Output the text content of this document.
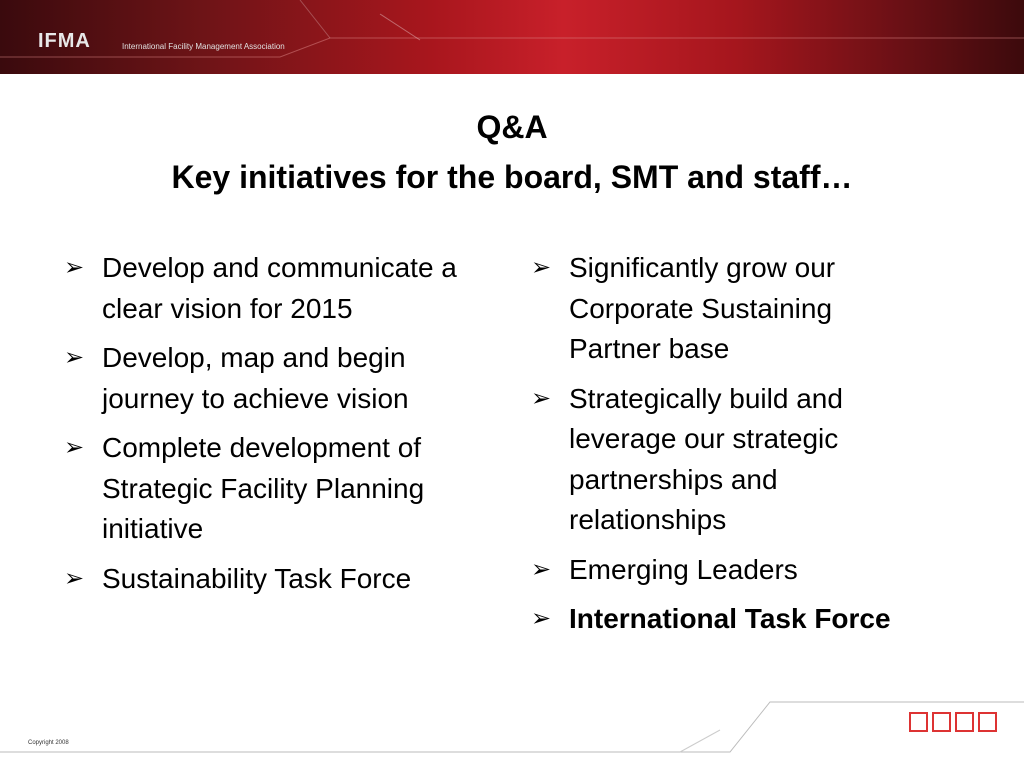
IFMA	International Facility Management Association
Q&A
Key initiatives for the board, SMT and staff…
➢ Develop and communicate a clear vision for 2015
➢ Develop, map and begin journey to achieve vision
➢ Complete development of Strategic Facility Planning initiative
➢ Sustainability Task Force
➢ Significantly grow our Corporate Sustaining Partner base
➢ Strategically build and leverage our strategic partnerships and relationships
➢ Emerging Leaders
➢ International Task Force
Copyright 2008
